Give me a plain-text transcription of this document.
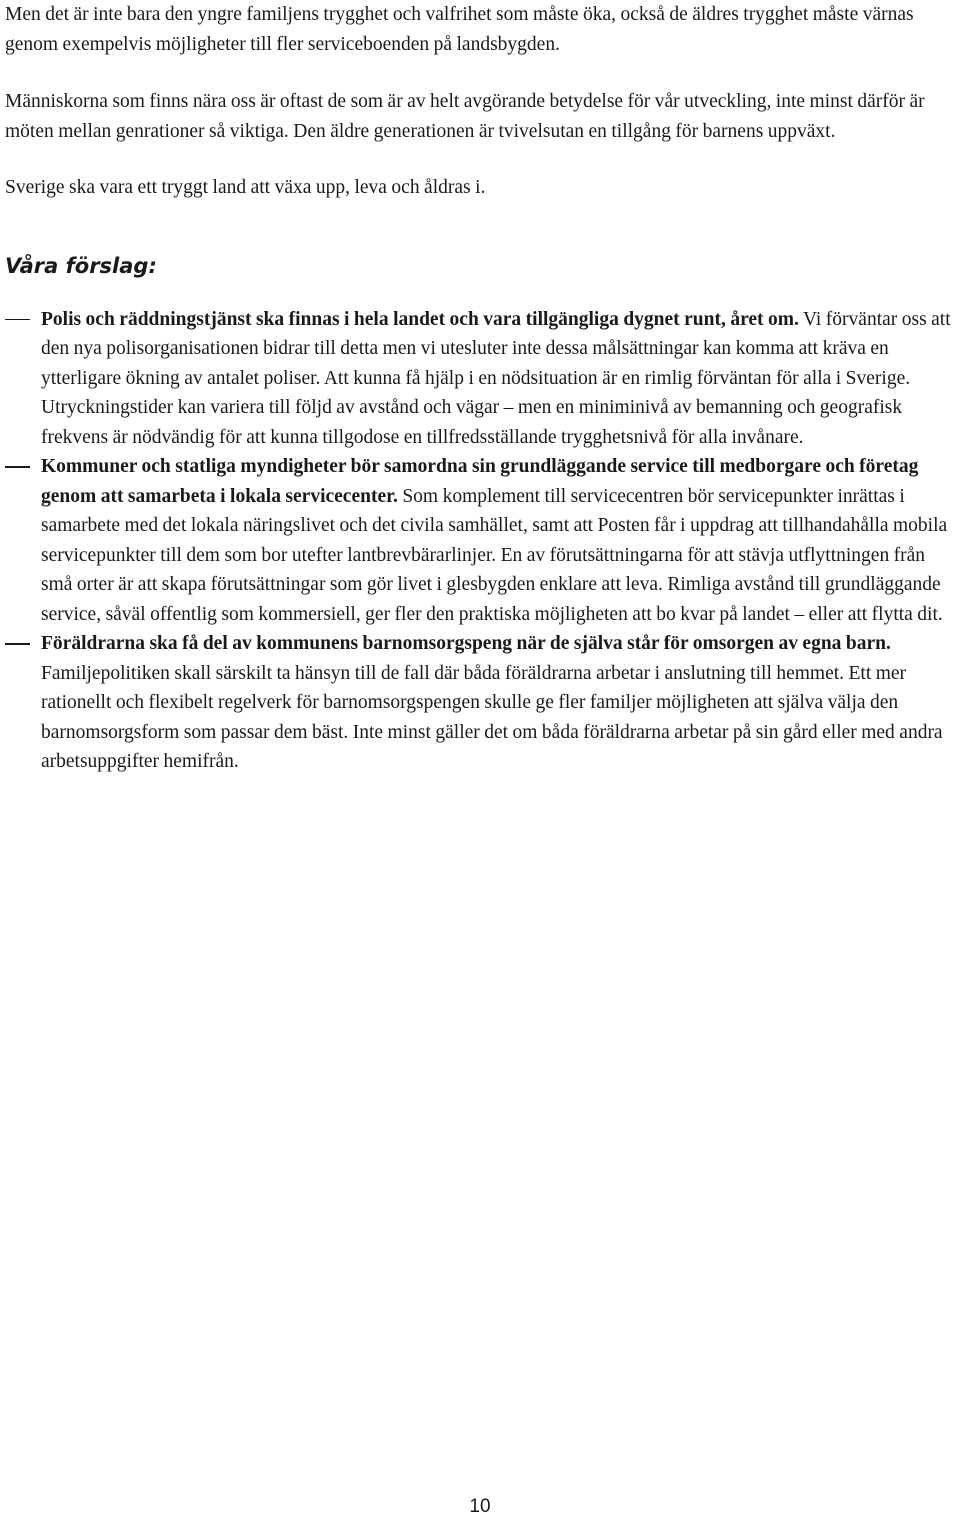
Men det är inte bara den yngre familjens trygghet och valfrihet som måste öka, också de äldres trygghet måste värnas genom exempelvis möjligheter till fler serviceboenden på landsbygden.

Människorna som finns nära oss är oftast de som är av helt avgörande betydelse för vår utveckling, inte minst därför är möten mellan genrationer så viktiga. Den äldre generationen är tvivelsutan en tillgång för barnens uppväxt.

Sverige ska vara ett tryggt land att växa upp, leva och åldras i.

Våra förslag:
Polis och räddningstjänst ska finnas i hela landet och vara tillgängliga dygnet runt, året om. Vi förväntar oss att den nya polisorganisationen bidrar till detta men vi utesluter inte dessa målsättningar kan komma att kräva en ytterligare ökning av antalet poliser. Att kunna få hjälp i en nödsituation är en rimlig förväntan för alla i Sverige. Utryckningstider kan variera till följd av avstånd och vägar – men en miniminivå av bemanning och geografisk frekvens är nödvändig för att kunna tillgodose en tillfredsställande trygghetsnivå för alla invånare.
Kommuner och statliga myndigheter bör samordna sin grundläggande service till medborgare och företag genom att samarbeta i lokala servicecenter. Som komplement till servicecentren bör servicepunkter inrättas i samarbete med det lokala näringslivet och det civila samhället, samt att Posten får i uppdrag att tillhandahålla mobila servicepunkter till dem som bor utefter lantbrevbärarlinjer. En av förutsättningarna för att stävja utflyttningen från små orter är att skapa förutsättningar som gör livet i glesbygden enklare att leva. Rimliga avstånd till grundläggande service, såväl offentlig som kommersiell, ger fler den praktiska möjligheten att bo kvar på landet – eller att flytta dit.
Föräldrarna ska få del av kommunens barnomsorgspeng när de själva står för omsorgen av egna barn. Familjepolitiken skall särskilt ta hänsyn till de fall där båda föräldrarna arbetar i anslutning till hemmet. Ett mer rationellt och flexibelt regelverk för barnomsorgspengen skulle ge fler familjer möjligheten att själva välja den barnomsorgsform som passar dem bäst. Inte minst gäller det om båda föräldrarna arbetar på sin gård eller med andra arbetsuppgifter hemifrån.
10
